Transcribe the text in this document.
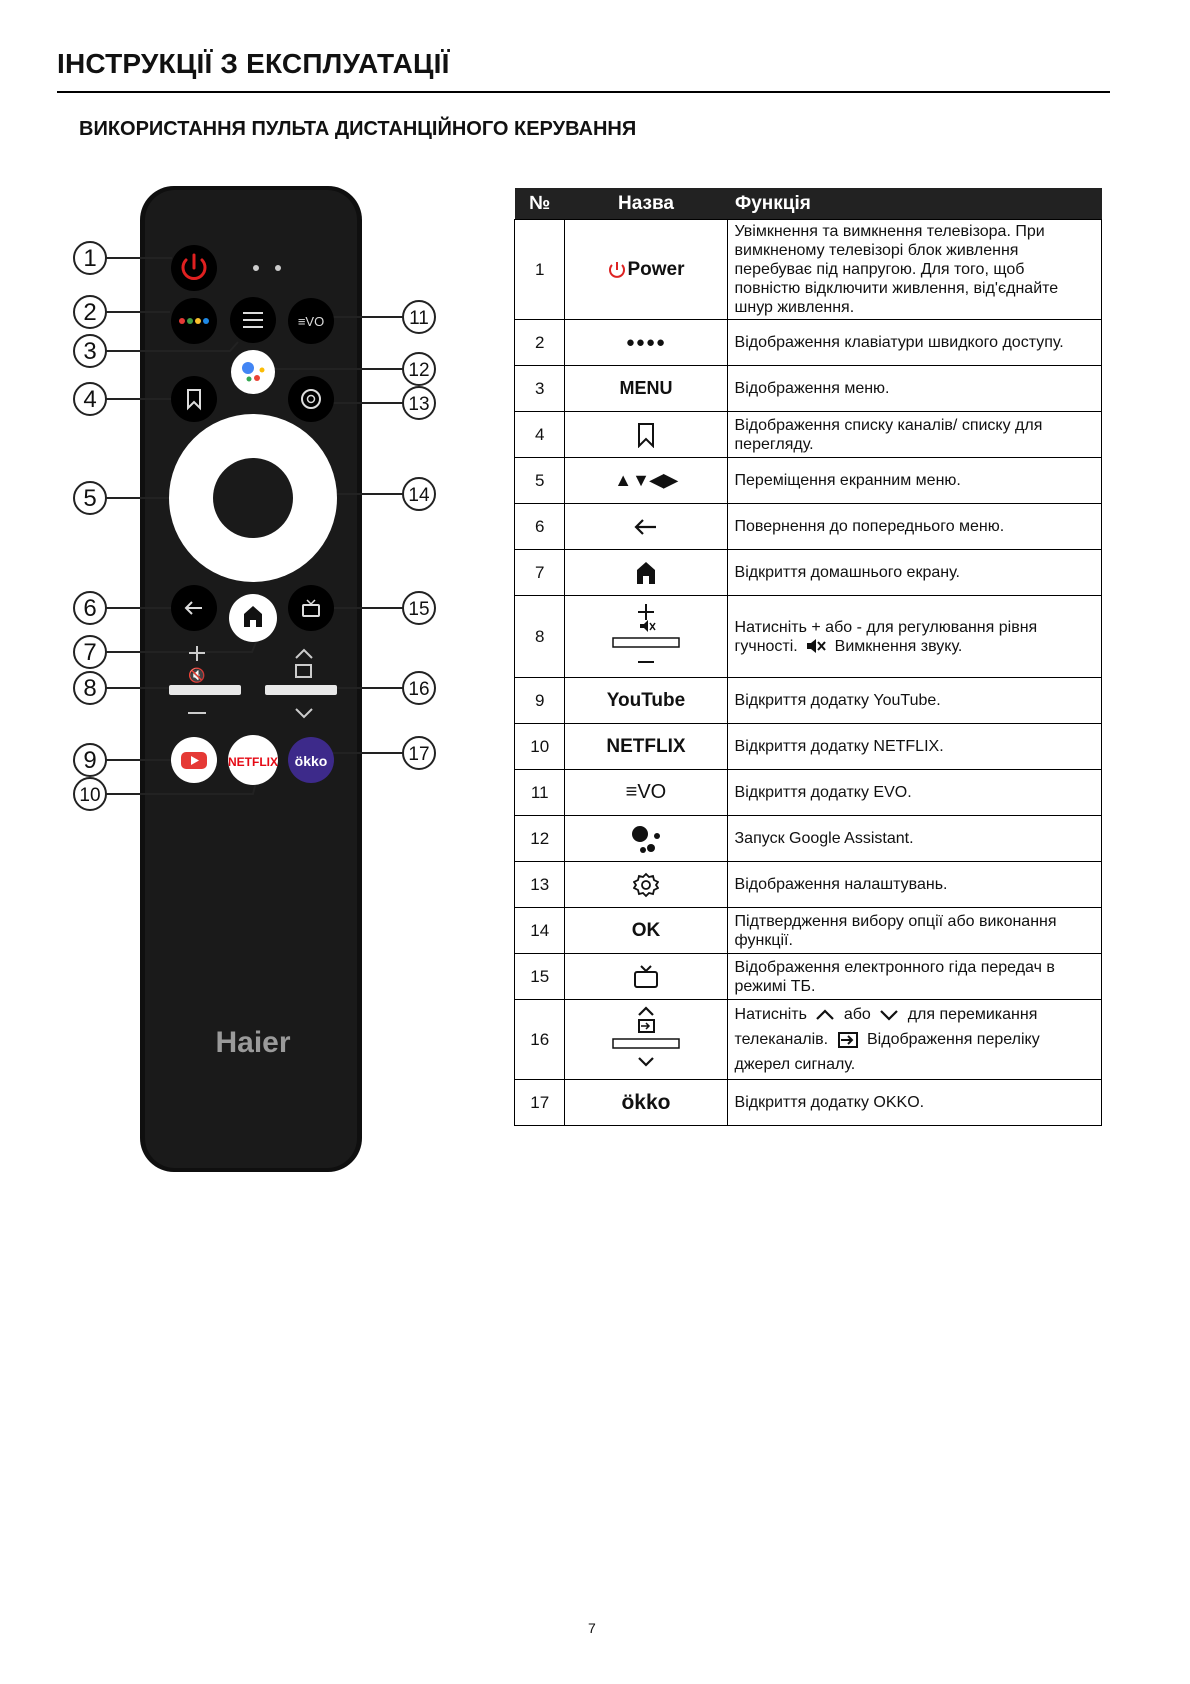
ІНСТРУКЦІЇ З ЕКСПЛУАТАЦІЇ
ВИКОРИСТАННЯ ПУЛЬТА ДИСТАНЦІЙНОГО КЕРУВАННЯ
1
2
3
4
5
6
7
8
9
10
11
12
13
14
15
16
17
≡VO
🔇
NETFLIX ökko
Haier
№	Назва	Функція
1	Power	Увімкнення та вимкнення телевізора. При вимкненому телевізорі блок живлення перебуває під напругою. Для того, щоб повністю відключити живлення, від'єднайте шнур живлення.
2	●●●●	Відображення клавіатури швидкого доступу.
3	MENU	Відображення меню.
4		Відображення списку каналів/ списку для перегляду.
5	▲▼◀▶	Переміщення екранним меню.
6		Повернення до попереднього меню.
7		Відкриття домашнього екрану.
8		Натисніть + або - для регулювання рівня гучності. Вимкнення звуку.
9	YouTube	Відкриття додатку YouTube.
10	NETFLIX	Відкриття додатку NETFLIX.
11	≡VO	Відкриття додатку EVO.
12		Запуск Google Assistant.
13		Відображення налаштувань.
14	OK	Підтвердження вибору опції або виконання функції.
15		Відображення електронного гіда передач в режимі ТБ.
16		Натисніть або для перемикання телеканалів. Відображення переліку джерел сигналу.
17	ökko	Відкриття додатку OKKO.
7
